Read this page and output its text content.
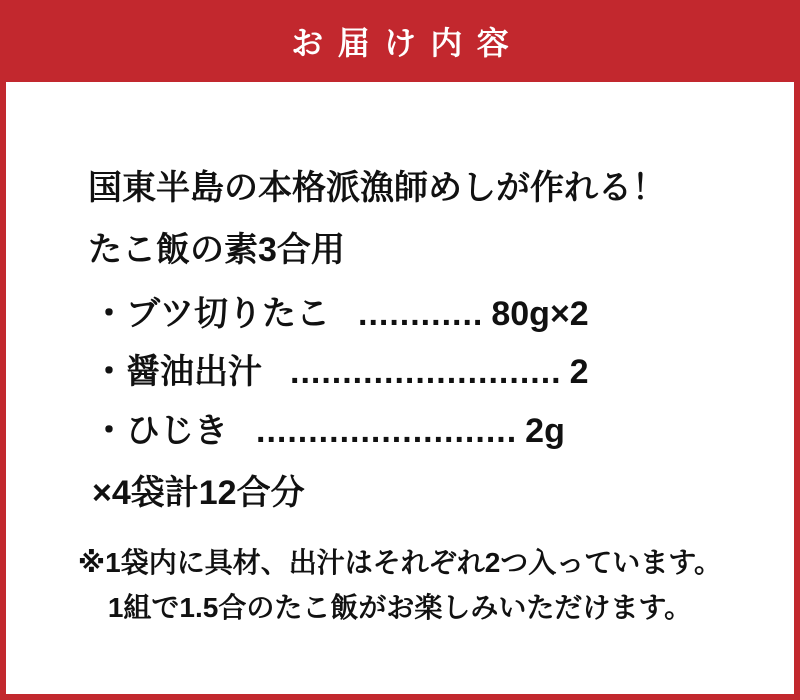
お届け内容
国東半島の本格派漁師めしが作れる！
たこ飯の素3合用
・ブツ切りたこ ............ 80g×2
・醤油出汁 .......................... 2
・ひじき ......................... 2g
×4袋計12合分
※1袋内に具材、出汁はそれぞれ2つ入っています。
1組で1.5合のたこ飯がお楽しみいただけます。
